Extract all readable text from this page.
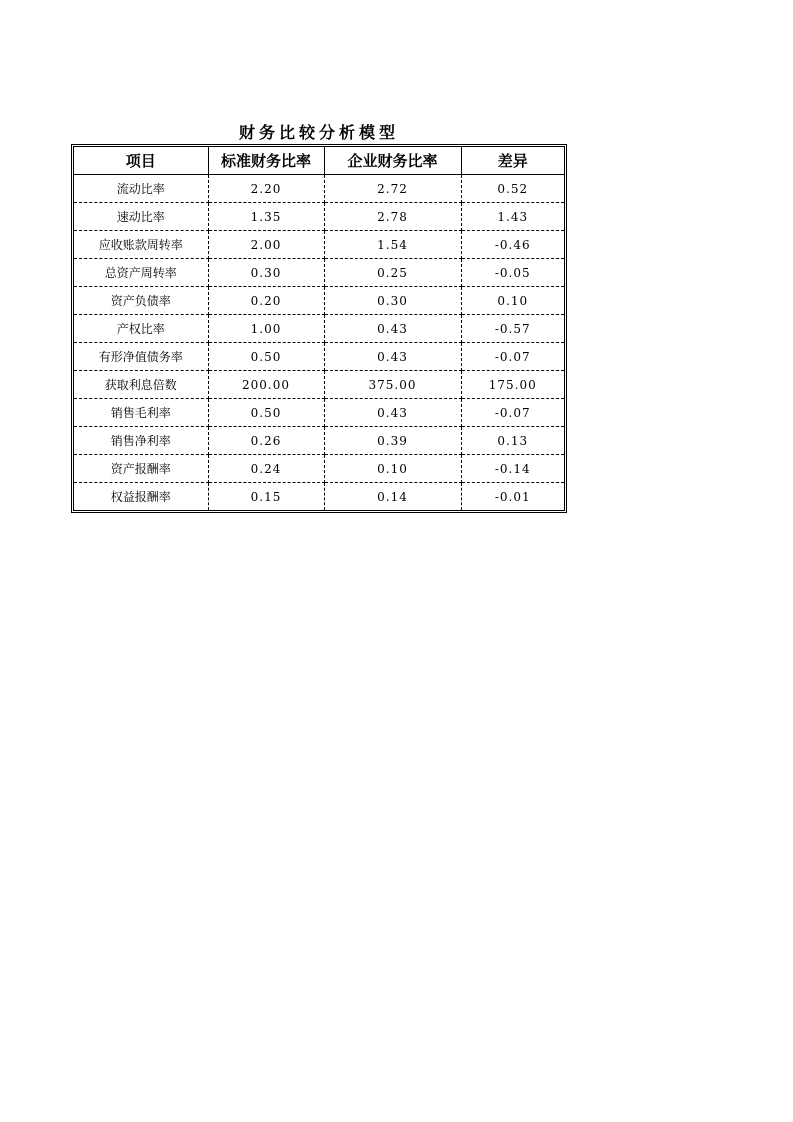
财务比较分析模型
项目	标准财务比率	企业财务比率	差异
流动比率	2.20	2.72	0.52
速动比率	1.35	2.78	1.43
应收账款周转率	2.00	1.54	-0.46
总资产周转率	0.30	0.25	-0.05
资产负债率	0.20	0.30	0.10
产权比率	1.00	0.43	-0.57
有形净值债务率	0.50	0.43	-0.07
获取利息倍数	200.00	375.00	175.00
销售毛利率	0.50	0.43	-0.07
销售净利率	0.26	0.39	0.13
资产报酬率	0.24	0.10	-0.14
权益报酬率	0.15	0.14	-0.01
